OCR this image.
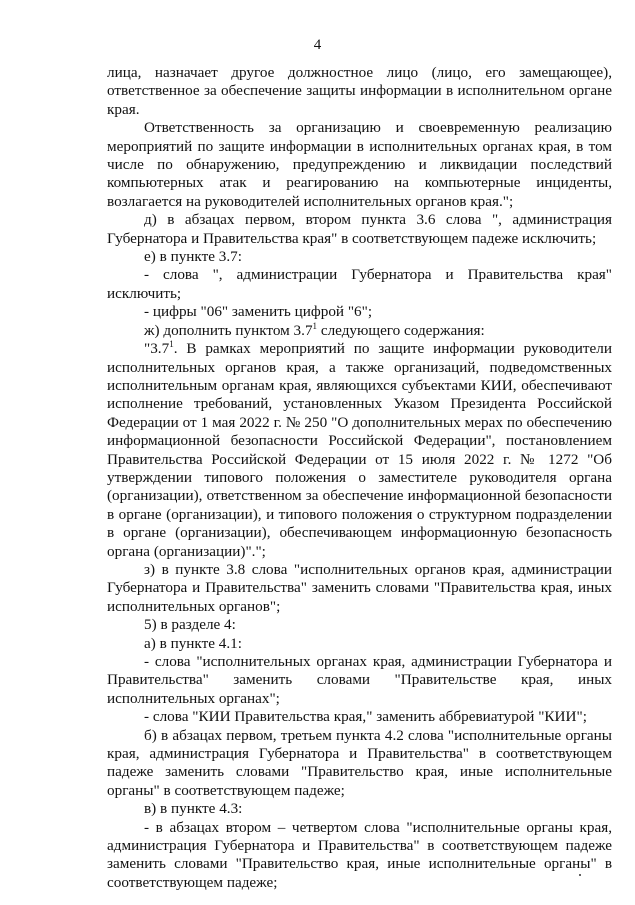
4

лица, назначает другое должностное лицо (лицо, его замещающее), ответственное за обеспечение защиты информации в исполнительном органе края.

Ответственность за организацию и своевременную реализацию мероприятий по защите информации в исполнительных органах края, в том числе по обнаружению, предупреждению и ликвидации последствий компьютерных атак и реагированию на компьютерные инциденты, возлагается на руководителей исполнительных органов края.";

д) в абзацах первом, втором пункта 3.6 слова ", администрация Губернатора и Правительства края" в соответствующем падеже исключить;

е) в пункте 3.7:

- слова ", администрации Губернатора и Правительства края" исключить;

- цифры "06" заменить цифрой "6";

ж) дополнить пунктом $3.7^1$ следующего содержания:

"$3.7^1$. В рамках мероприятий по защите информации руководители исполнительных органов края, а также организаций, подведомственных исполнительным органам края, являющихся субъектами КИИ, обеспечивают исполнение требований, установленных Указом Президента Российской Федерации от 1 мая 2022 г. № 250 "О дополнительных мерах по обеспечению информационной безопасности Российской Федерации", постановлением Правительства Российской Федерации от 15 июля 2022 г. № 1272 "Об утверждении типового положения о заместителе руководителя органа (организации), ответственном за обеспечение информационной безопасности в органе (организации), и типового положения о структурном подразделении в органе (организации), обеспечивающем информационную безопасность органа (организации)".";

з) в пункте 3.8 слова "исполнительных органов края, администрации Губернатора и Правительства" заменить словами "Правительства края, иных исполнительных органов";

5) в разделе 4:

а) в пункте 4.1:

- слова "исполнительных органах края, администрации Губернатора и Правительства" заменить словами "Правительстве края, иных исполнительных органах";

- слова "КИИ Правительства края," заменить аббревиатурой "КИИ";

б) в абзацах первом, третьем пункта 4.2 слова "исполнительные органы края, администрация Губернатора и Правительства" в соответствующем падеже заменить словами "Правительство края, иные исполнительные органы" в соответствующем падеже;

в) в пункте 4.3:

- в абзацах втором – четвертом слова "исполнительные органы края, администрация Губернатора и Правительства" в соответствующем падеже заменить словами "Правительство края, иные исполнительные органы" в соответствующем падеже;
